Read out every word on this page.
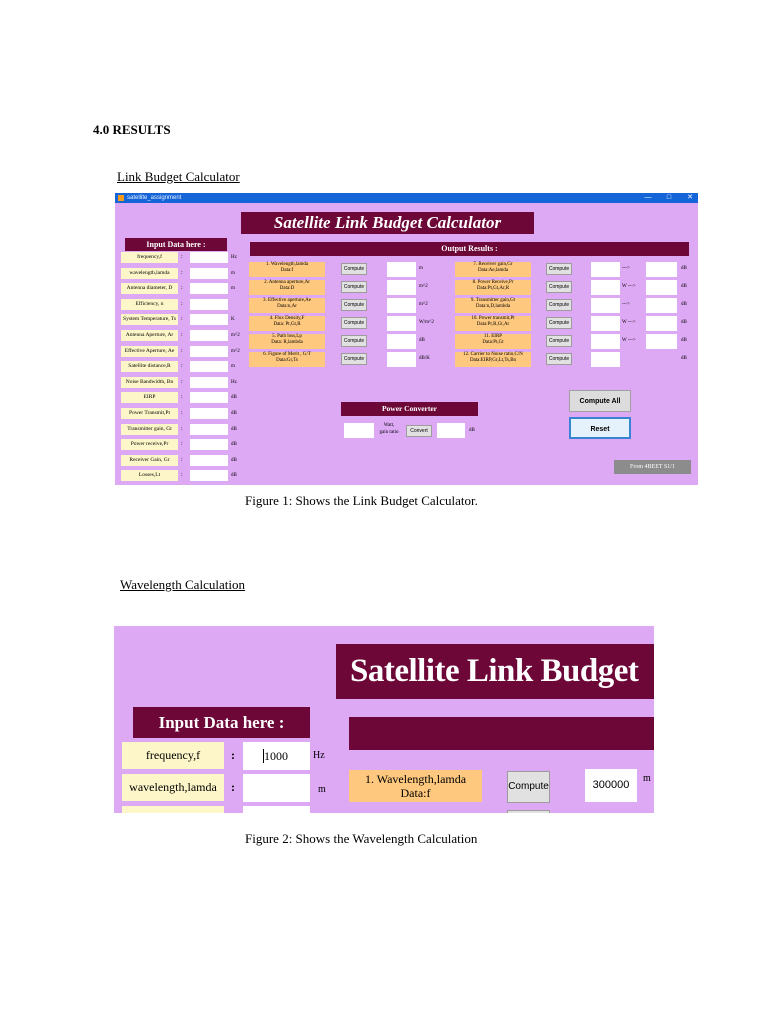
4.0 RESULTS
Link Budget Calculator
satellite_assignment	—	□	✕
Satellite Link Budget Calculator
Input Data here :	Output Results :
frequency,f	:	Hz
wavelength,lamda	:	m
Antenna diameter, D	:	m
Efficiency, n	:
System Temperature, Ts :	K
Antenna Aperture, Ar	:	m^2
Effective Aperture, Ae	:	m^2
Satellite distance,R	:	m
Noise Bandwidth, Bn	:	Hz
EIRP	:	dB
Power Transmit,Pt	:	dB
Transmitter gain, Gt	:	dB
Power receive,Pr	:	dB
Receiver Gain, Gr	:	dB
Losses,Lt	:	dB
1. Wavelength,lamda
Data:f	Compute	m
2. Antenna aperture,Ar
Data:D	Compute	m^2
3. Effective aperture,Ae
Data:n,Ar	Compute	m^2
4. Flux Density,F
Data: Pt,Gt,R	Compute	W/m^2
5. Path loss,Lp
Data: R,lambda	Compute	dB
6. Figure of Merit , G/T
Data:Gr,Ts	Compute	dB/K
7. Receiver gain,Gr
Data:Ae,lamda	Compute	--->	dB
8. Power Receive,Pr
Data:Pt,Gt,Ar,R	Compute	W --->	dB
9. Transmitter gain,Gt
Data:n,D,lambda	Compute	--->	dB
10. Power transmit,Pt
Data:Pr,R,Gt,Ar	Compute	W --->	dB
11. EIRP
Data:Pt,Gt	Compute	W --->	dB
12. Carrier to Noise ratio,C/N
Data:EIRP,Gr,Lt,Ts,Bn	Compute	dB
Power Converter
Watt,
gain ratio	Convert	dB
Compute All
Reset
From 4BEET S1/1
Figure 1: Shows the Link Budget Calculator.
Wavelength Calculation
Satellite Link Budget
Input Data here :
frequency,f	:	1000	Hz
wavelength,lamda	:	m
1. Wavelength,lamda
Data:f	Compute	300000
m
Figure 2: Shows the Wavelength Calculation
